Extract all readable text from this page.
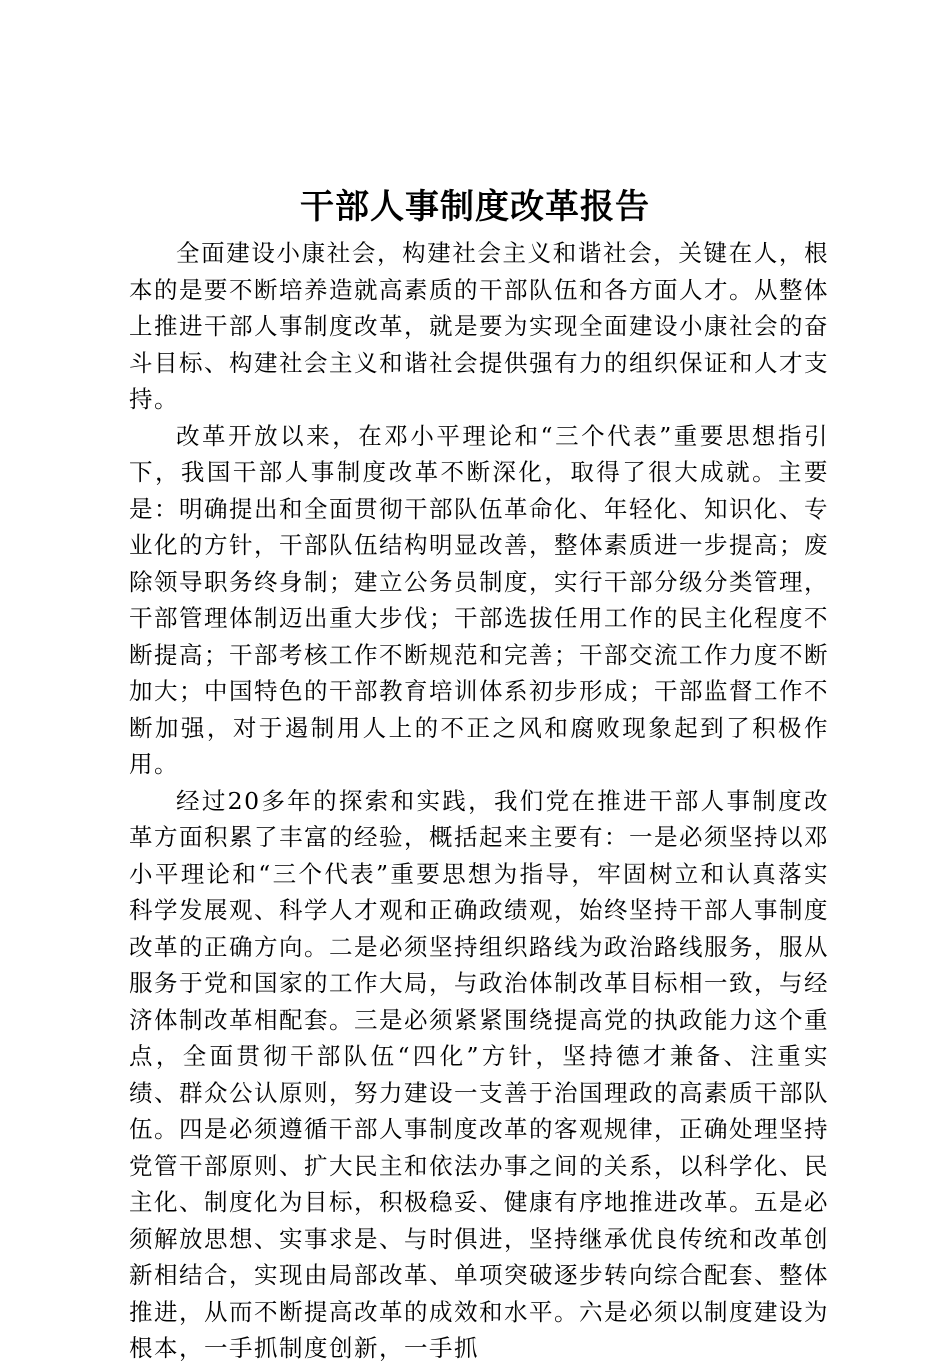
干部人事制度改革报告

全面建设小康社会，构建社会主义和谐社会，关键在人，根本的是要不断培养造就高素质的干部队伍和各方面人才。从整体上推进干部人事制度改革，就是要为实现全面建设小康社会的奋斗目标、构建社会主义和谐社会提供强有力的组织保证和人才支持。

改革开放以来，在邓小平理论和“三个代表”重要思想指引下，我国干部人事制度改革不断深化，取得了很大成就。主要是：明确提出和全面贯彻干部队伍革命化、年轻化、知识化、专业化的方针，干部队伍结构明显改善，整体素质进一步提高；废除领导职务终身制；建立公务员制度，实行干部分级分类管理，干部管理体制迈出重大步伐；干部选拔任用工作的民主化程度不断提高；干部考核工作不断规范和完善；干部交流工作力度不断加大；中国特色的干部教育培训体系初步形成；干部监督工作不断加强，对于遏制用人上的不正之风和腐败现象起到了积极作用。

经过20多年的探索和实践，我们党在推进干部人事制度改革方面积累了丰富的经验，概括起来主要有：一是必须坚持以邓小平理论和“三个代表”重要思想为指导，牢固树立和认真落实科学发展观、科学人才观和正确政绩观，始终坚持干部人事制度改革的正确方向。二是必须坚持组织路线为政治路线服务，服从服务于党和国家的工作大局，与政治体制改革目标相一致，与经济体制改革相配套。三是必须紧紧围绕提高党的执政能力这个重点，全面贯彻干部队伍“四化”方针，坚持德才兼备、注重实绩、群众公认原则，努力建设一支善于治国理政的高素质干部队伍。四是必须遵循干部人事制度改革的客观规律，正确处理坚持党管干部原则、扩大民主和依法办事之间的关系，以科学化、民主化、制度化为目标，积极稳妥、健康有序地推进改革。五是必须解放思想、实事求是、与时俱进，坚持继承优良传统和改革创新相结合，实现由局部改革、单项突破逐步转向综合配套、整体推进，从而不断提高改革的成效和水平。六是必须以制度建设为根本，一手抓制度创新，一手抓
